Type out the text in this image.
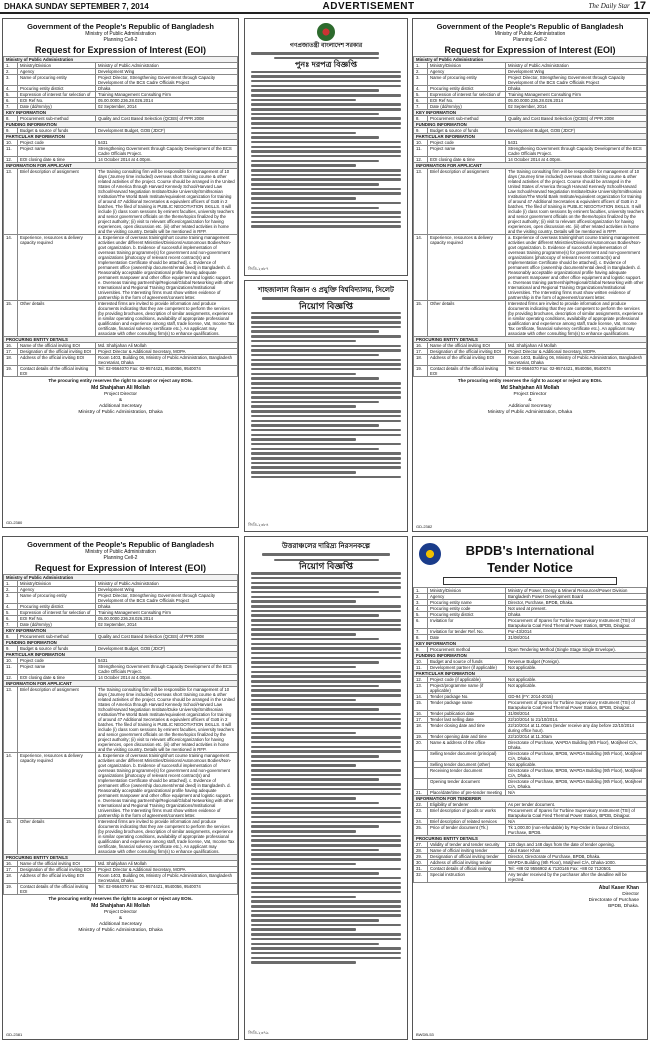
DHAKA SUNDAY SEPTEMBER 7, 2014	ADVERTISEMENT	The Daily Star 17
Government of the People's Republic of Bangladesh
Ministry of Public Administration
Planning Cell-2
Request for Expression of Interest (EOI)
Ministry of Public Administration		
1.	Ministry/Division	Ministry of Public Administration
2.	Agency	Development Wing
3.	Name of procuring entity	Project Director, Strengthening Government through Capacity Development of the BCS Cadre Officials Project
4.	Procuring entity district	Dhaka
5.	Expression of interest for selection of	Training Management Consulting Firm
6.	EOI Ref No.	05.00.0000.236.28.026.2014
7.	Date (dd/mm/yy)	02 September, 2014
KEY INFORMATION		
8.	Procurement sub-method	Quality and Cost Based Selection (QCBS) of PPR 2008
FUNDING INFORMATION		
9.	Budget & source of funds	Development Budget, GOB (JDCF)
PARTICULAR INFORMATION		
10.	Project code	5431
11.	Project name	Strengthening Government through Capacity Development of the BCS Cadre Officials Project.
12.	EOI closing date & time	14 October 2014 at 4.00pm.
INFORMATION FOR APPLICANT		
13.	Brief description of assignment	The training consulting firm will be responsible for management of 10 days (Journey time included) overseas short training course & other related activities of the project. Course should be arranged in the United States of America through Harvard Kennedy School/Harvard Law School/Harvard Negotiation Institute/Duke University/Smithsonian Institution/The World Bank Institute/equivalent organization for training of around 47 Additional Secretaries & equivalent officers of GoB in 2 batches. The filed of training is PUBLIC NEGOTIATION SKILLS. It will include (i) class room sessions by eminent faculties, university teachers and senior government officials on the theme/topics finalized by the project authority; (ii) visit to relevant offices/organization for having experiences, open discussion etc. (iii) other related activities in home and the visiting country. Details will be mentioned in RFP.
14.	Experience, resources & delivery capacity required	a. Experience of overseas training/short course training management activities under different Ministries/Divisions/Autonomous Bodies/Non-govt organization. b. Evidence of successful implementation of overseas training programme(s) for government and non-government organizations [photocopy of relevant recent contract(s) and Implementation Certificate should be attached]. c. Evidence of permanent office (ownership document/rental deed) in Bangladesh. d. Reasonably acceptable organizational profile having adequate permanent manpower and other office equipment and logistic support. e. Overseas training partnership/Regional/Global Networking with other International and Regional Training Organizations/Institutional Universities. The Interesting firms must show written evidence of partnership in the form of agreement/consent letter.
15.	Other details	Interested firms are invited to provide information and produce documents indicating that they are competent to perform the services (by providing brochures, description of similar assignments, experience in similar operating conditions, availability of appropriate professional qualification and experience among staff, trade license, Vat, Income Tax certificate, financial solvency certificate etc.). An applicant may associate with other consulting firm(s) to enhance qualifications.
PROCURING ENTITY DETAILS		
16.	Name of the official inviting EOI	Md. Shahjahan Ali Mollah
17.	Designation of the official inviting EOI	Project Director & Additional Secretary, MOPA
18.	Address of the official inviting EOI	Room 1403, Building 06, Ministry of Public Administration, Bangladesh Secretariat, Dhaka
19.	Contact details of the official inviting EOI	Tel: 02-9564070 Fax: 02-9574421, 9540056, 9540074
The procuring entity reserves the right to accept or reject any EOIs.
Md Shahjahan Ali Mollah
Project Director
&
Additional Secretary
Ministry of Public Administration, Dhaka
GD-2380
গণপ্রজাতন্ত্রী বাংলাদেশ সরকার
পুনঃ দরপত্র বিজ্ঞপ্তি
জিডি-২৩৮৭
শাহজালাল বিজ্ঞান ও প্রযুক্তি বিশ্ববিদ্যালয়, সিলেট
নিয়োগ বিজ্ঞপ্তি
জিডি-২৩৮৪
Government of the People's Republic of Bangladesh
Ministry of Public Administration
Planning Cell-2
Request for Expression of Interest (EOI)
Ministry of Public Administration		
1.	Ministry/Division	Ministry of Public Administration
2.	Agency	Development Wing
3.	Name of procuring entity	Project Director, Strengthening Government through Capacity Development of the BCS Cadre Officials Project
4.	Procuring entity district	Dhaka
5.	Expression of interest for selection of	Training Management Consulting Firm
6.	EOI Ref No.	05.00.0000.236.28.026.2014
7.	Date (dd/mm/yy)	02 September, 2014
KEY INFORMATION		
8.	Procurement sub-method	Quality and Cost Based Selection (QCBS) of PPR 2008
FUNDING INFORMATION		
9.	Budget & source of funds	Development Budget, GOB (JDCF)
PARTICULAR INFORMATION		
10.	Project code	5431
11.	Project name	Strengthening Government through Capacity Development of the BCS Cadre Officials Project.
12.	EOI closing date & time	14 October 2014 at 4.00pm.
INFORMATION FOR APPLICANT		
13.	Brief description of assignment	The training consulting firm will be responsible for management of 10 days (Journey time included) overseas short training course & other related activities of the project. Course should be arranged in the United States of America through Harvard Kennedy School/Harvard Law School/Harvard Negotiation Institute/Duke University/Smithsonian Institution/The World Bank Institute/equivalent organization for training of around 47 Additional Secretaries & equivalent officers of GoB in 2 batches. The filed of training is PUBLIC NEGOTIATION SKILLS. It will include (i) class room sessions by eminent faculties, university teachers and senior government officials on the theme/topics finalized by the project authority; (ii) visit to relevant offices/organization for having experiences, open discussion etc. (iii) other related activities in home and the visiting country. Details will be mentioned in RFP.
14.	Experience, resources & delivery capacity required	a. Experience of overseas training/short course training management activities under different Ministries/Divisions/Autonomous Bodies/Non-govt organization. b. Evidence of successful implementation of overseas training programme(s) for government and non-government organizations [photocopy of relevant recent contract(s) and Implementation Certificate should be attached]. c. Evidence of permanent office (ownership document/rental deed) in Bangladesh. d. Reasonably acceptable organizational profile having adequate permanent manpower and other office equipment and logistic support. e. Overseas training partnership/Regional/Global Networking with other International and Regional Training Organizations/Institutional Universities. The Interesting firms must show written evidence of partnership in the form of agreement/consent letter.
15.	Other details	Interested firms are invited to provide information and produce documents indicating that they are competent to perform the services (by providing brochures, description of similar assignments, experience in similar operating conditions, availability of appropriate professional qualification and experience among staff, trade license, Vat, Income Tax certificate, financial solvency certificate etc.). An applicant may associate with other consulting firm(s) to enhance qualifications.
PROCURING ENTITY DETAILS		
16.	Name of the official inviting EOI	Md. Shahjahan Ali Mollah
17.	Designation of the official inviting EOI	Project Director & Additional Secretary, MOPA
18.	Address of the official inviting EOI	Room 1403, Building 06, Ministry of Public Administration, Bangladesh Secretariat, Dhaka
19.	Contact details of the official inviting EOI	Tel: 02-9564070 Fax: 02-9574421, 9540056, 9540074
The procuring entity reserves the right to accept or reject any EOIs.
Md Shahjahan Ali Mollah
Project Director
&
Additional Secretary
Ministry of Public Administration, Dhaka
GD-2382
Government of the People's Republic of Bangladesh
Ministry of Public Administration
Planning Cell-2
Request for Expression of Interest (EOI)
Ministry of Public Administration		
1.	Ministry/Division	Ministry of Public Administration
2.	Agency	Development Wing
3.	Name of procuring entity	Project Director, Strengthening Government through Capacity Development of the BCS Cadre Officials Project
4.	Procuring entity district	Dhaka
5.	Expression of interest for selection of	Training Management Consulting Firm
6.	EOI Ref No.	05.00.0000.236.28.026.2014
7.	Date (dd/mm/yy)	02 September, 2014
KEY INFORMATION		
8.	Procurement sub-method	Quality and Cost Based Selection (QCBS) of PPR 2008
FUNDING INFORMATION		
9.	Budget & source of funds	Development Budget, GOB (JDCF)
PARTICULAR INFORMATION		
10.	Project code	5431
11.	Project name	Strengthening Government through Capacity Development of the BCS Cadre Officials Project.
12.	EOI closing date & time	14 October 2014 at 4.00pm.
INFORMATION FOR APPLICANT		
13.	Brief description of assignment	The training consulting firm will be responsible for management of 10 days (Journey time included) overseas short training course & other related activities of the project. Course should be arranged in the United States of America through Harvard Kennedy School/Harvard Law School/Harvard Negotiation Institute/Duke University/Smithsonian Institution/The World Bank Institute/equivalent organization for training of around 47 Additional Secretaries & equivalent officers of GoB in 2 batches. The filed of training is PUBLIC NEGOTIATION SKILLS. It will include (i) class room sessions by eminent faculties, university teachers and senior government officials on the theme/topics finalized by the project authority; (ii) visit to relevant offices/organization for having experiences, open discussion etc. (iii) other related activities in home and the visiting country. Details will be mentioned in RFP.
14.	Experience, resources & delivery capacity required	a. Experience of overseas training/short course training management activities under different Ministries/Divisions/Autonomous Bodies/Non-govt organization. b. Evidence of successful implementation of overseas training programme(s) for government and non-government organizations [photocopy of relevant recent contract(s) and Implementation Certificate should be attached]. c. Evidence of permanent office (ownership document/rental deed) in Bangladesh. d. Reasonably acceptable organizational profile having adequate permanent manpower and other office equipment and logistic support. e. Overseas training partnership/Regional/Global Networking with other International and Regional Training Organizations/Institutional Universities. The Interesting firms must show written evidence of partnership in the form of agreement/consent letter.
15.	Other details	Interested firms are invited to provide information and produce documents indicating that they are competent to perform the services (by providing brochures, description of similar assignments, experience in similar operating conditions, availability of appropriate professional qualification and experience among staff, trade license, Vat, Income Tax certificate, financial solvency certificate etc.). An applicant may associate with other consulting firm(s) to enhance qualifications.
PROCURING ENTITY DETAILS		
16.	Name of the official inviting EOI	Md. Shahjahan Ali Mollah
17.	Designation of the official inviting EOI	Project Director & Additional Secretary, MOPA
18.	Address of the official inviting EOI	Room 1403, Building 06, Ministry of Public Administration, Bangladesh Secretariat, Dhaka
19.	Contact details of the official inviting EOI	Tel: 02-9564070 Fax: 02-9574421, 9540056, 9540074
The procuring entity reserves the right to accept or reject any EOIs.
Md Shahjahan Ali Mollah
Project Director
&
Additional Secretary
Ministry of Public Administration, Dhaka
GD-2381
উত্তরাঞ্চলের দারিদ্র্য নিরসনকল্পে
নিয়োগ বিজ্ঞপ্তি
জিডি-২৩৭৯
BPDB's International
Tender Notice
1.	Ministry/Division	Ministry of Power, Energy & Mineral Resources/Power Division
2.	Agency	Bangladesh Power Development Board
3.	Procuring entity name	Director, Purchase, BPDB, Dhaka.
4.	Procuring entity code	Not used at present.
5.	Procuring entity district	Dhaka
6.	Invitation for	Procurement of Spares for Turbine Supervisory Instrument (TSI) of Barapukuria Coal Fired Thermal Power Station, BPDB, Dinajpur.
7.	Invitation for tender Ref. No.	Pur-43/2014
8.	Date	31/08/2014
KEY INFORMATION		
9.	Procurement method	Open Tendering Method (Single Stage Single Envelope).
FUNDING INFORMATION		
10.	Budget and source of funds	Revenue Budget (Foreign).
11.	Development partner (if applicable)	Not applicable.
PARTICULAR INFORMATION		
12.	Project code (if applicable)	Not applicable.
13.	Project/programme name (if applicable)	Not applicable.
14.	Tender package No.	GD-94 (FY: 2014-2015)
15.	Tender package name	Procurement of Spares for Turbine Supervisory Instrument (TSI) of Barapukuria Coal Fired Thermal Power Station, BPDB, Dinajpur.
16.	Tender publication date	31/08/2014
17.	Tender last selling date	22/10/2014 to 21/10/2014.
18.	Tender closing date and time	22/10/2014 at 11.00am (tender receive any day before 22/10/2014 during office hour).
19.	Tender opening date and time	22/10/2014 at 11.30am
20.	Name & address of the office	Directorate of Purchase, WAPDA Building (9th Floor), Motijheel C/A, Dhaka.
	Selling tender document (principal)	Directorate of Purchase, BPDB, WAPDA Building (9th Floor), Motijheel C/A, Dhaka.
	Selling tender document (other)	Not applicable.
	Receiving tender document	Directorate of Purchase, BPDB, WAPDA Building (9th Floor), Motijheel C/A, Dhaka.
	Opening tender document	Directorate of Purchase, BPDB, WAPDA Building (9th Floor), Motijheel C/A, Dhaka.
21.	Place/date/time of pre-tender meeting	N/A
INFORMATION FOR TENDERER		
22.	Eligibility of tenderer	As per tender document.
23.	Brief description of goods or works	Procurement of Spares for Turbine Supervisory Instrument (TSI) of Barapukuria Coal Fired Thermal Power Station, BPDB, Dinajpur.
24.	Brief description of related services	N/A
25.	Price of tender document (Tk.)	Tk 1,000.00 (non-refundable) by Pay-Order in favour of Director, Purchase, BPDB.
PROCURING ENTITY DETAILS		
27.	Validity of tender and tender security	120 days and 148 days from the date of tender opening.
28.	Name of official inviting tender	Abul Kaser Khan
29.	Designation of official inviting tender	Director, Directorate of Purchase, BPDB, Dhaka.
30.	Address of official inviting tender	WAPDA Building (9th Floor), Motijheel C/A, Dhaka-1000.
31.	Contact details of official inviting	Tel: +88 02 9556902 & 7120146 Fax: +88 02 7120501
32.	Special instruction	Any tender received by the purchaser after the deadline will be rejected.
Abul Kaser Khan
Director
Directorate of Purchase
BPDB, Dhaka.
BWDB-53
